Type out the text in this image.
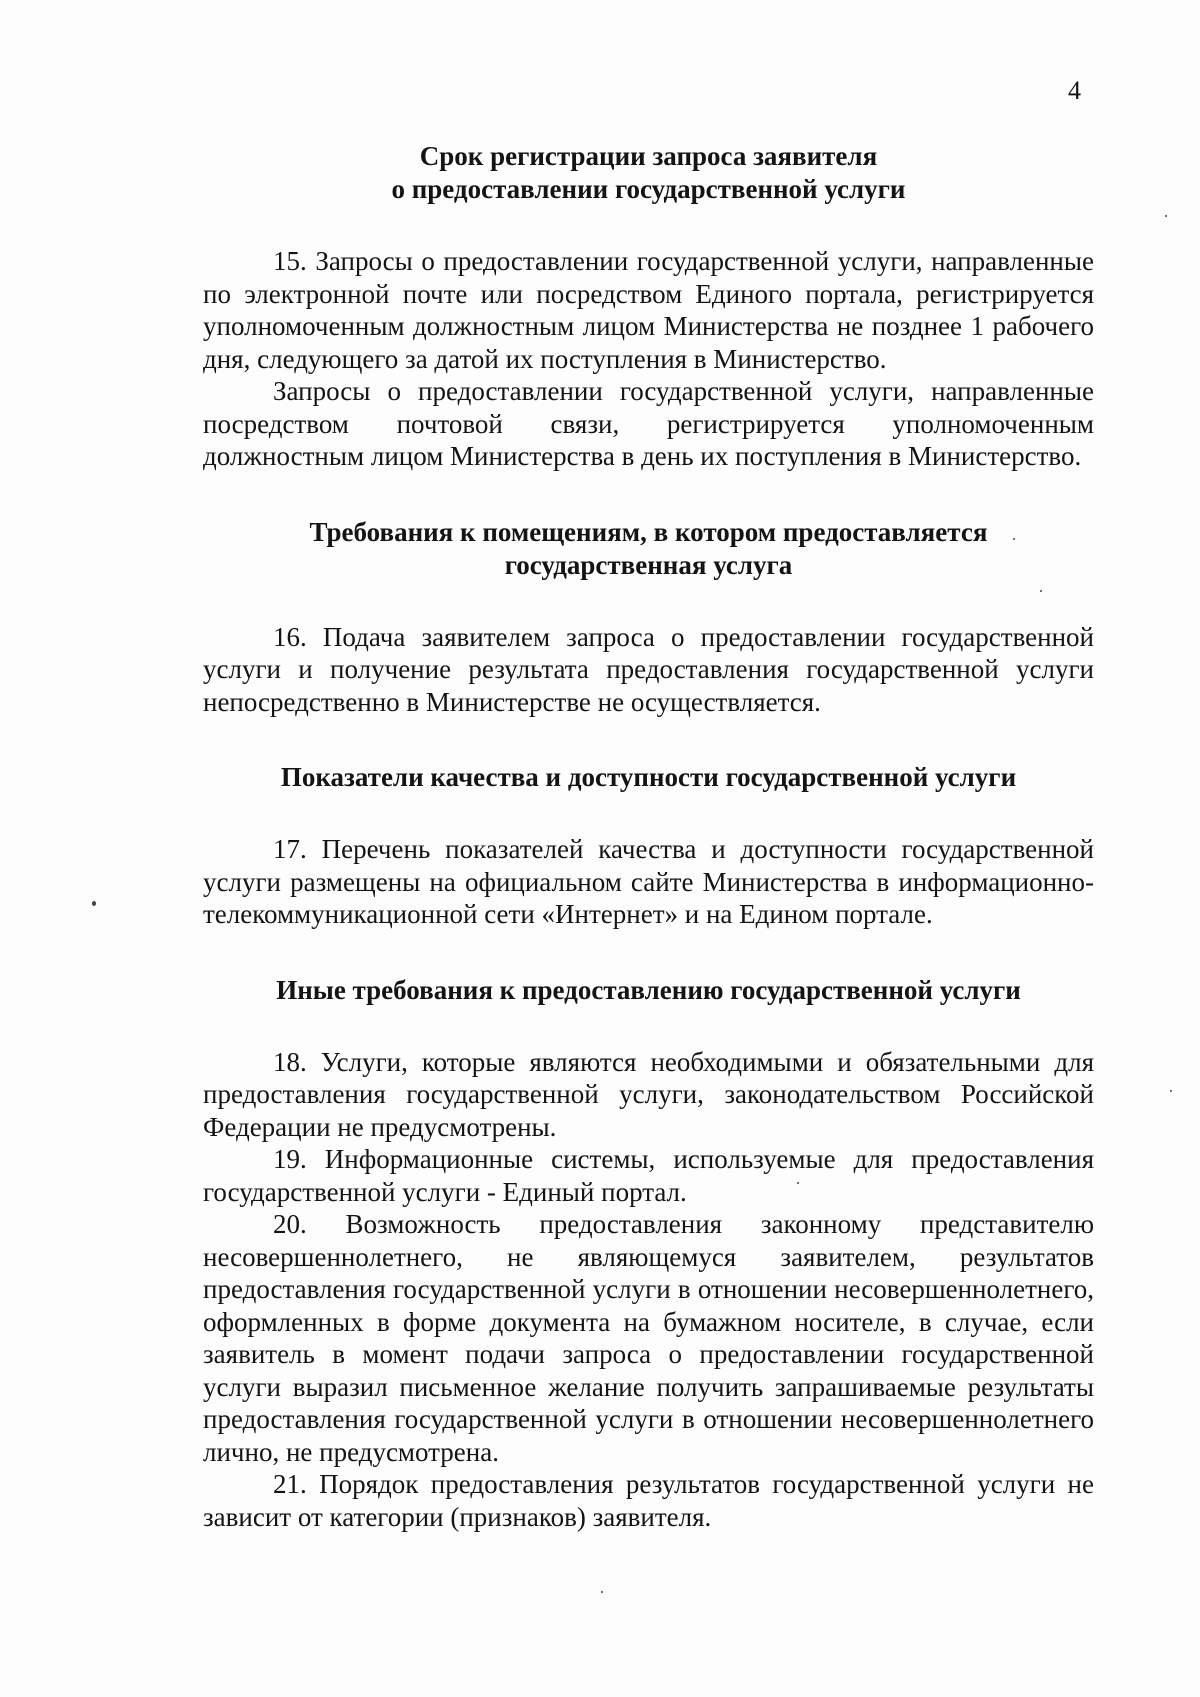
4
Срок регистрации запроса заявителя
о предоставлении государственной услуги

15. Запросы о предоставлении государственной услуги, направленные по электронной почте или посредством Единого портала, регистрируется уполномоченным должностным лицом Министерства не позднее 1 рабочего дня, следующего за датой их поступления в Министерство.

Запросы о предоставлении государственной услуги, направленные посредством почтовой связи, регистрируется уполномоченным должностным лицом Министерства в день их поступления в Министерство.

Требования к помещениям, в котором предоставляется
государственная услуга

16. Подача заявителем запроса о предоставлении государственной услуги и получение результата предоставления государственной услуги непосредственно в Министерстве не осуществляется.

Показатели качества и доступности государственной услуги

17. Перечень показателей качества и доступности государственной услуги размещены на официальном сайте Министерства в информационно-телекоммуникационной сети «Интернет» и на Едином портале.

Иные требования к предоставлению государственной услуги

18. Услуги, которые являются необходимыми и обязательными для предоставления государственной услуги, законодательством Российской Федерации не предусмотрены.

19. Информационные системы, используемые для предоставления государственной услуги - Единый портал.

20. Возможность предоставления законному представителю несовершеннолетнего, не являющемуся заявителем, результатов предоставления государственной услуги в отношении несовершеннолетнего, оформленных в форме документа на бумажном носителе, в случае, если заявитель в момент подачи запроса о предоставлении государственной услуги выразил письменное желание получить запрашиваемые результаты предоставления государственной услуги в отношении несовершеннолетнего лично, не предусмотрена.

21. Порядок предоставления результатов государственной услуги не зависит от категории (признаков) заявителя.
